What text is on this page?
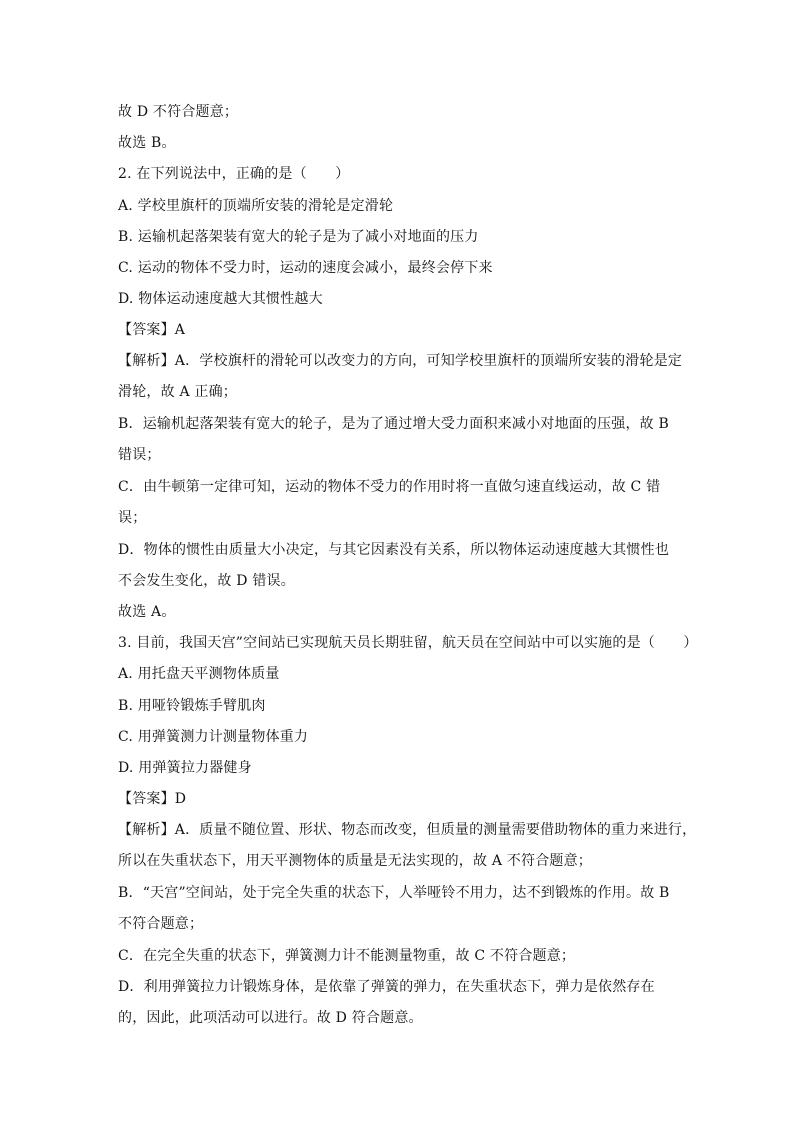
故 D 不符合题意；
故选 B。
2. 在下列说法中，正确的是（　　）
A. 学校里旗杆的顶端所安装的滑轮是定滑轮
B. 运输机起落架装有宽大的轮子是为了减小对地面的压力
C. 运动的物体不受力时，运动的速度会减小，最终会停下来
D. 物体运动速度越大其惯性越大
【答案】A
【解析】A．学校旗杆的滑轮可以改变力的方向，可知学校里旗杆的顶端所安装的滑轮是定
滑轮，故 A 正确；
B．运输机起落架装有宽大的轮子，是为了通过增大受力面积来减小对地面的压强，故 B
错误；
C．由牛顿第一定律可知，运动的物体不受力的作用时将一直做匀速直线运动，故 C 错
误；
D．物体的惯性由质量大小决定，与其它因素没有关系，所以物体运动速度越大其惯性也
不会发生变化，故 D 错误。
故选 A。
3. 目前，我国天宫”空间站已实现航天员长期驻留，航天员在空间站中可以实施的是（　　）
A. 用托盘天平测物体质量
B. 用哑铃锻炼手臂肌肉
C. 用弹簧测力计测量物体重力
D. 用弹簧拉力器健身
【答案】D
【解析】A．质量不随位置、形状、物态而改变，但质量的测量需要借助物体的重力来进行，
所以在失重状态下，用天平测物体的质量是无法实现的，故 A 不符合题意；
B．“天宫”空间站，处于完全失重的状态下，人举哑铃不用力，达不到锻炼的作用。故 B
不符合题意；
C．在完全失重的状态下，弹簧测力计不能测量物重，故 C 不符合题意；
D．利用弹簧拉力计锻炼身体，是依靠了弹簧的弹力，在失重状态下，弹力是依然存在
的，因此，此项活动可以进行。故 D 符合题意。
